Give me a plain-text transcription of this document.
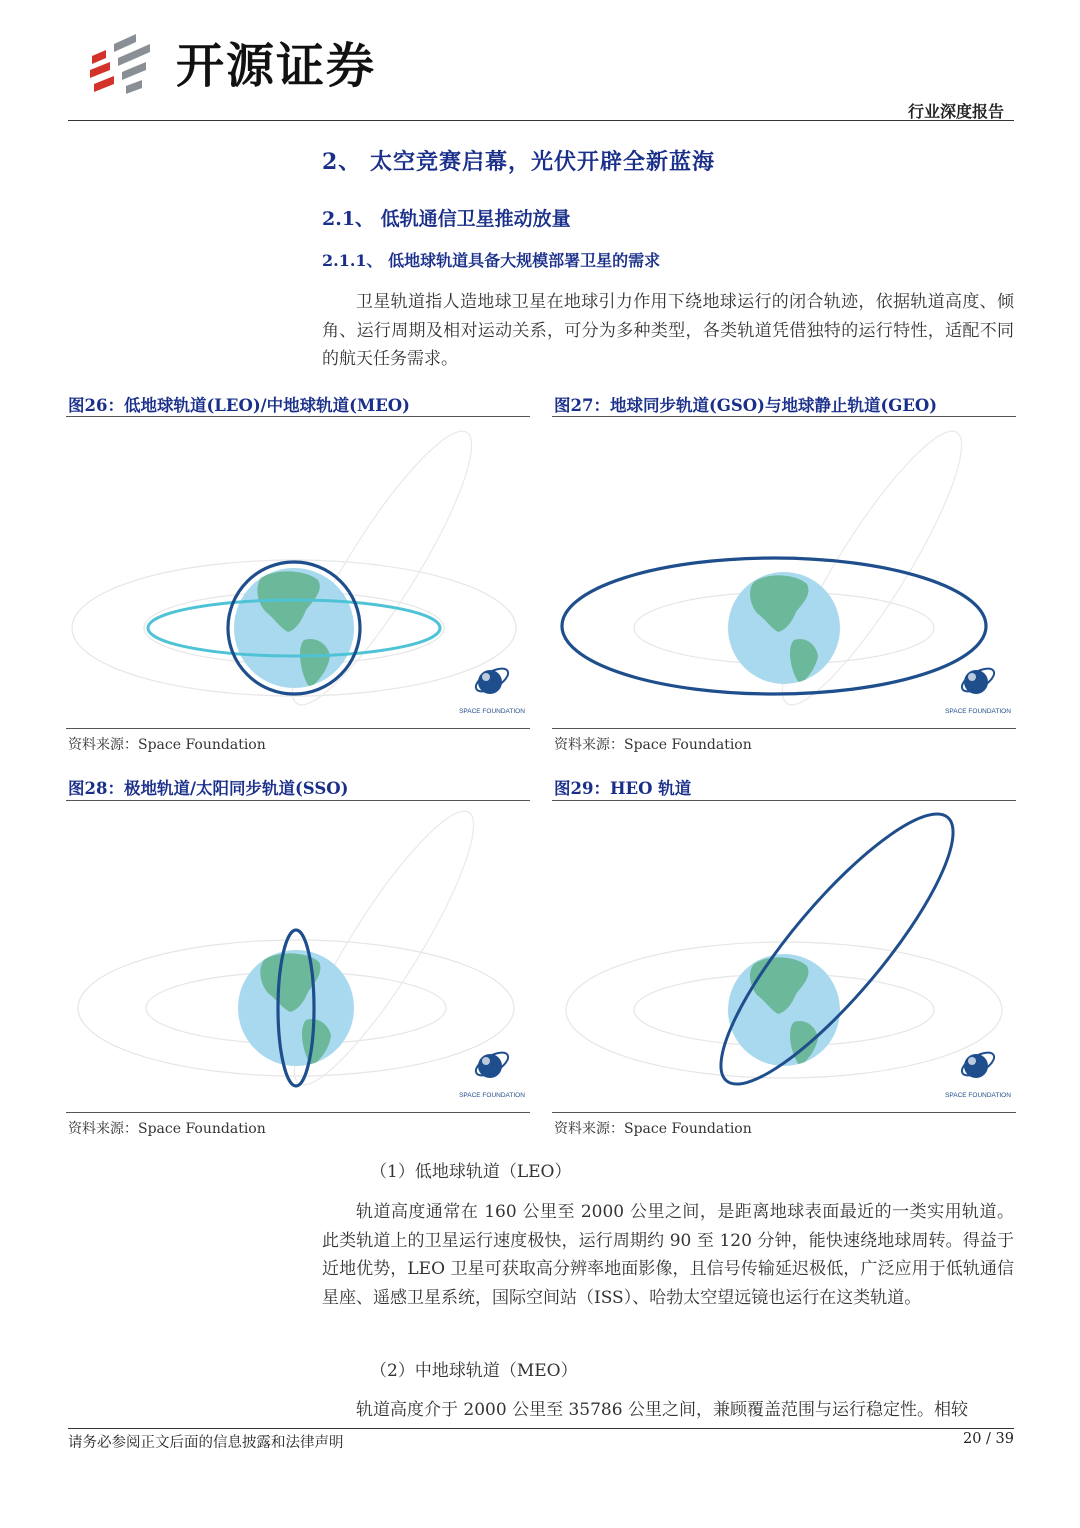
开源证券
行业深度报告
2、 太空竞赛启幕，光伏开辟全新蓝海
2.1、 低轨通信卫星推动放量
2.1.1、 低地球轨道具备大规模部署卫星的需求

卫星轨道指人造地球卫星在地球引力作用下绕地球运行的闭合轨迹，依据轨道高度、倾角、运行周期及相对运动关系，可分为多种类型，各类轨道凭借独特的运行特性，适配不同的航天任务需求。

图26：低地球轨道(LEO)/中地球轨道(MEO)
SPACE FOUNDATION
资料来源：Space Foundation
图27：地球同步轨道(GSO)与地球静止轨道(GEO)
SPACE FOUNDATION
资料来源：Space Foundation
图28：极地轨道/太阳同步轨道(SSO)
SPACE FOUNDATION
资料来源：Space Foundation
图29：HEO 轨道
SPACE FOUNDATION
资料来源：Space Foundation
（1）低地球轨道（LEO）

轨道高度通常在 160 公里至 2000 公里之间，是距离地球表面最近的一类实用轨道。此类轨道上的卫星运行速度极快，运行周期约 90 至 120 分钟，能快速绕地球周转。得益于近地优势，LEO 卫星可获取高分辨率地面影像，且信号传输延迟极低，广泛应用于低轨通信星座、遥感卫星系统，国际空间站（ISS）、哈勃太空望远镜也运行在这类轨道。

（2）中地球轨道（MEO）

轨道高度介于 2000 公里至 35786 公里之间，兼顾覆盖范围与运行稳定性。相较

请务必参阅正文后面的信息披露和法律声明	20 / 39
